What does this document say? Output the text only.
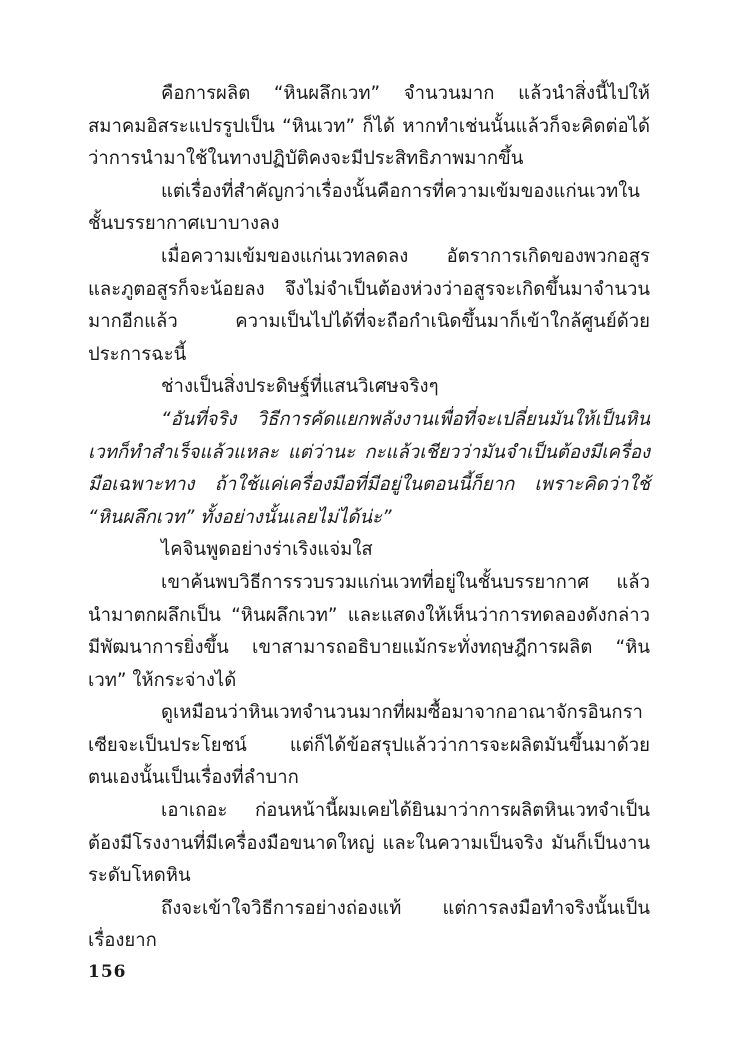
คือการผลิต “หินผลึกเวท” จำนวนมาก แล้วนำสิ่งนี้ไปให้สมาคมอิสระแปรรูปเป็น “หินเวท” ก็ได้ หากทำเช่นนั้นแล้วก็จะคิดต่อได้ว่าการนำมาใช้ในทางปฏิบัติคงจะมีประสิทธิภาพมากขึ้น

แต่เรื่องที่สำคัญกว่าเรื่องนั้นคือการที่ความเข้มของแก่นเวทในชั้นบรรยากาศเบาบางลง

เมื่อความเข้มของแก่นเวทลดลง อัตราการเกิดของพวกอสูรและภูตอสูรก็จะน้อยลง จึงไม่จำเป็นต้องห่วงว่าอสูรจะเกิดขึ้นมาจำนวนมากอีกแล้ว ความเป็นไปได้ที่จะถือกำเนิดขึ้นมาก็เข้าใกล้ศูนย์ด้วยประการฉะนี้

ช่างเป็นสิ่งประดิษฐ์ที่แสนวิเศษจริงๆ

“อันที่จริง วิธีการคัดแยกพลังงานเพื่อที่จะเปลี่ยนมันให้เป็นหินเวทก็ทำสำเร็จแล้วแหละ แต่ว่านะ กะแล้วเชียวว่ามันจำเป็นต้องมีเครื่องมือเฉพาะทาง ถ้าใช้แค่เครื่องมือที่มีอยู่ในตอนนี้ก็ยาก เพราะคิดว่าใช้ “หินผลึกเวท” ทั้งอย่างนั้นเลยไม่ได้น่ะ”

ไคจินพูดอย่างร่าเริงแจ่มใส

เขาค้นพบวิธีการรวบรวมแก่นเวทที่อยู่ในชั้นบรรยากาศ แล้วนำมาตกผลึกเป็น “หินผลึกเวท” และแสดงให้เห็นว่าการทดลองดังกล่าวมีพัฒนาการยิ่งขึ้น เขาสามารถอธิบายแม้กระทั่งทฤษฎีการผลิต “หินเวท” ให้กระจ่างได้

ดูเหมือนว่าหินเวทจำนวนมากที่ผมซื้อมาจากอาณาจักรอินกราเซียจะเป็นประโยชน์ แต่ก็ได้ข้อสรุปแล้วว่าการจะผลิตมันขึ้นมาด้วยตนเองนั้นเป็นเรื่องที่ลำบาก

เอาเถอะ ก่อนหน้านี้ผมเคยได้ยินมาว่าการผลิตหินเวทจำเป็นต้องมีโรงงานที่มีเครื่องมือขนาดใหญ่ และในความเป็นจริง มันก็เป็นงานระดับโหดหิน

ถึงจะเข้าใจวิธีการอย่างถ่องแท้ แต่การลงมือทำจริงนั้นเป็นเรื่องยาก

156
